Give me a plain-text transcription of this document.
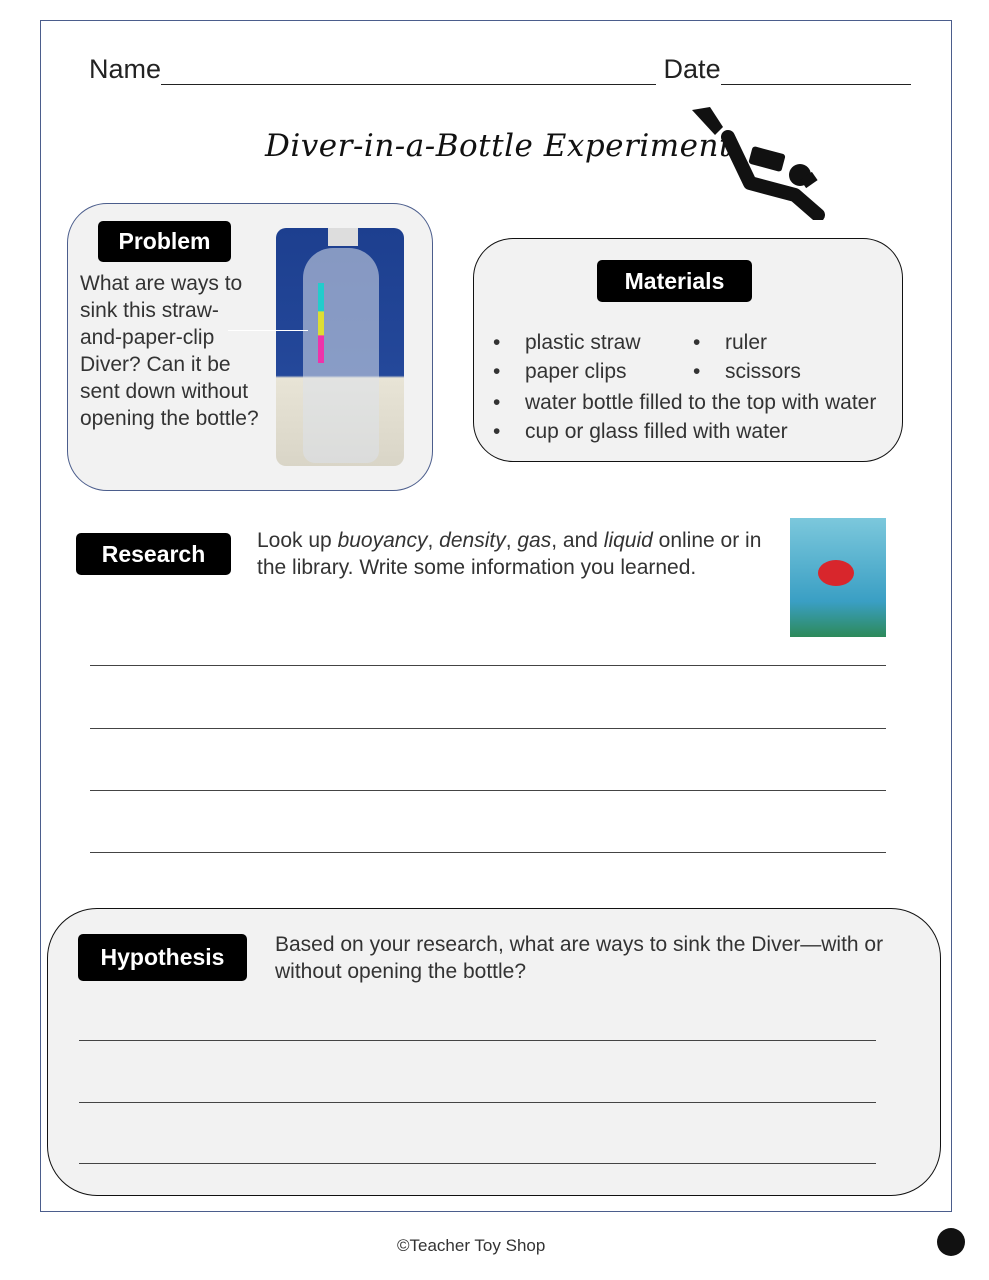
Name	Date
Diver-in-a-Bottle Experiment
Problem
What are ways to sink this straw-and-paper-clip Diver? Can it be sent down without opening the bottle?
Materials
• plastic straw
• paper clips
• ruler
• scissors
• water bottle filled to the top with water
• cup or glass filled with water
Research	Look up buoyancy, density, gas, and liquid online or in the library. Write some information you learned.
Hypothesis	Based on your research, what are ways to sink the Diver—with or without opening the bottle?
©Teacher Toy Shop
